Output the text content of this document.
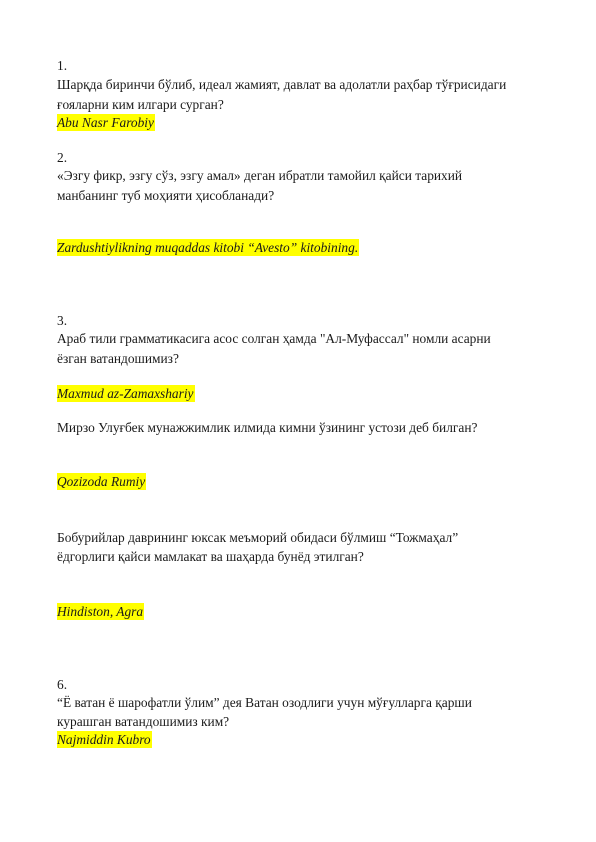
1.
Шарқда биринчи бўлиб, идеал жамият, давлат ва адолатли раҳбар тўғрисидаги
ғояларни ким илгари сурган?
Abu Nasr Farobiy
2.
«Эзгу фикр, эзгу сўз, эзгу амал» деган ибратли тамойил қайси тарихий
манбанинг туб моҳияти ҳисобланади?
Zardushtiylikning muqaddas kitobi “Avesto” kitobining.
3.
Араб тили грамматикасига асос солган ҳамда "Ал-Муфассал" номли асарни
ёзган ватандошимиз?
Maxmud az-Zamaxshariy
Мирзо Улуғбек мунажжимлик илмида кимни ўзининг устози деб билган?
Qozizoda Rumiy
Бобурийлар даврининг юксак меъморий обидаси бўлмиш “Тожмаҳал”
ёдгорлиги қайси мамлакат ва шаҳарда бунёд этилган?
Hindiston, Agra
6.
“Ё ватан ё шарофатли ўлим” дея Ватан озодлиги учун мўғулларга қарши
курашган ватандошимиз ким?
Najmiddin Kubro
